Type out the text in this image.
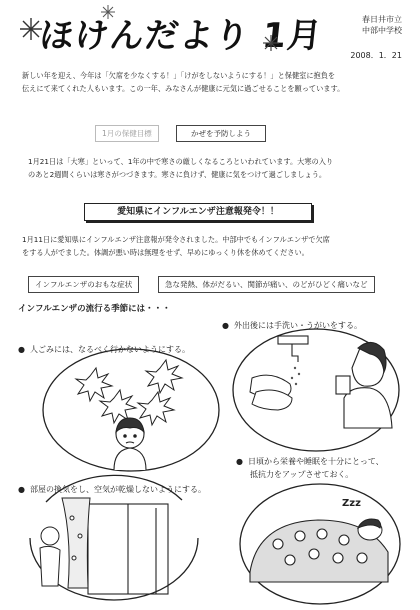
ほけんだより 1月	春日井市立
中部中学校
2008．1．21
新しい年を迎え、今年は「欠席を少なくする！」「けがをしないようにする！」と保健室に抱負を
伝えにて来てくれた人もいます。この一年、みなさんが健康に元気に過ごせることを願っています。
1月の保健目標	かぜを予防しよう
1月21日は「大寒」といって、1年の中で寒さの厳しくなるころといわれています。大寒の入り
のあと2週間くらいは寒さがつづきます。寒さに負けず、健康に気をつけて過ごしましょう。
愛知県にインフルエンザ注意報発令！！
1月11日に愛知県にインフルエンザ注意報が発令されました。中部中でもインフルエンザで欠席
をする人がでました。体調が悪い時は無理をせず、早めにゆっくり休を休めてください。
インフルエンザのおもな症状	急な発熱、体がだるい、関節が痛い、のどがひどく痛いなど
インフルエンザの流行る季節には・・・
● 外出後には手洗い・うがいをする。
● 人ごみには、なるべく行かないようにする。
● 日頃から栄養や睡眠を十分にとって、
抵抗力をアップさせておく。
● 部屋の換気をし、空気が乾燥しないようにする。
Zzz
